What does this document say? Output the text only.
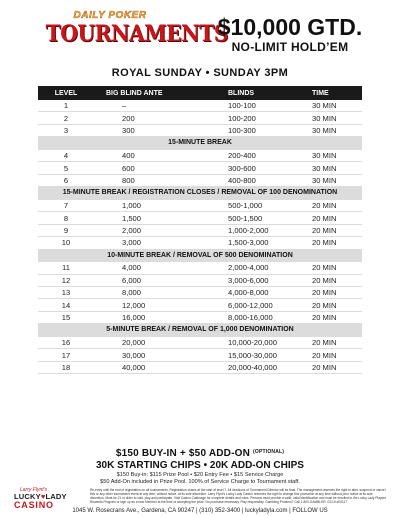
DAILY POKER
TOURNAMENTS
$10,000 GTD.
NO-LIMIT HOLD’EM
ROYAL SUNDAY • SUNDAY 3PM
LEVEL	BIG BLIND ANTE	BLINDS	TIME
1	–	100-100	30 MIN
2	200	100-200	30 MIN
3	300	100-300	30 MIN
15-MINUTE BREAK
4	400	200-400	30 MIN
5	600	300-600	30 MIN
6	800	400-800	30 MIN
15-MINUTE BREAK / REGISTRATION CLOSES / REMOVAL OF 100 DENOMINATION
7	1,000	500-1,000	20 MIN
8	1,500	500-1,500	20 MIN
9	2,000	1,000-2,000	20 MIN
10	3,000	1,500-3,000	20 MIN
10-MINUTE BREAK / REMOVAL OF 500 DENOMINATION
11	4,000	2,000-4,000	20 MIN
12	6,000	3,000-6,000	20 MIN
13	8,000	4,000-8,000	20 MIN
14	12,000	6,000-12,000	20 MIN
15	16,000	8,000-16,000	20 MIN
5-MINUTE BREAK / REMOVAL OF 1,000 DENOMINATION
16	20,000	10,000-20,000	20 MIN
17	30,000	15,000-30,000	20 MIN
18	40,000	20,000-40,000	20 MIN
$150 BUY-IN + $50 ADD-ON $^{(OPTIONAL)}$
30K STARTING CHIPS • 20K ADD-ON CHIPS
$150 Buy-in: $115 Prize Pool • $20 Entry Fee • $15 Service Charge
$50 Add-On included in Prize Pool. 100% of Service Charge to Tournament staff.
Larry Flynt’s
LUCKY♥LADY
CASINO
Re-entry until the end of registration on all tournaments. Registration closes at the start of level 7. All decisions of Tournament Director will be final. The management reserves the right to alter, suspend or cancel this or any other tournament event at any time, without notice, at its sole discretion. Larry Flynt’s Lucky Lady Casino reserves the right to change this promotion at any time without prior notice at its sole discretion. Must be 21 or older to visit, play and participate. Visit Casino Cashcage for complete details and rules. Persons must provide a valid, valid identification and must be enrolled in the Lucky Lady Players Rewards Program or sign up as a new Member at the time of accepting the prize. No purchase necessary. Play responsibly. Gambling Problem? Call 1-800-GAMBLER. GC19-#00117
1045 W. Rosecrans Ave., Gardena, CA 90247 | (310) 352-3400 | luckyladyla.com | FOLLOW US
